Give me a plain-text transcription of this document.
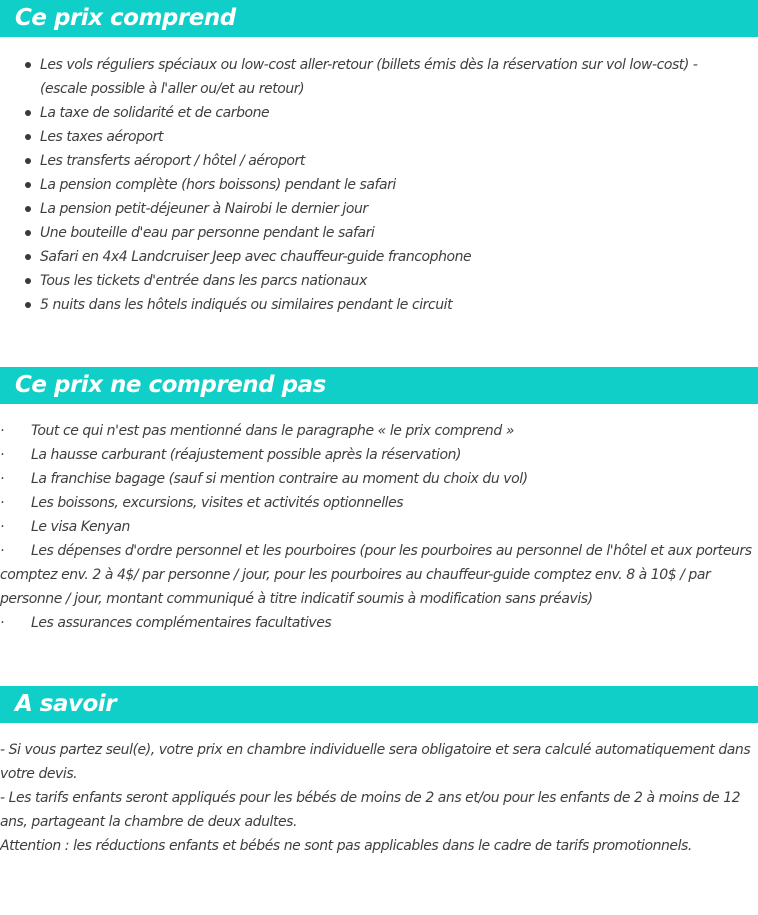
Ce prix comprend
Les vols réguliers spéciaux ou low-cost aller-retour (billets émis dès la réservation sur vol low-cost) - (escale possible à l'aller ou/et au retour)
La taxe de solidarité et de carbone
Les taxes aéroport
Les transferts aéroport / hôtel / aéroport
La pension complète (hors boissons) pendant le safari
La pension petit-déjeuner à Nairobi le dernier jour
Une bouteille d'eau par personne pendant le safari
Safari en 4x4 Landcruiser Jeep avec chauffeur-guide francophone
Tous les tickets d'entrée dans les parcs nationaux
5 nuits dans les hôtels indiqués ou similaires pendant le circuit
Ce prix ne comprend pas

· Tout ce qui n'est pas mentionné dans le paragraphe « le prix comprend »

· La hausse carburant (réajustement possible après la réservation)

· La franchise bagage (sauf si mention contraire au moment du choix du vol)

· Les boissons, excursions, visites et activités optionnelles

· Le visa Kenyan

· Les dépenses d'ordre personnel et les pourboires (pour les pourboires au personnel de l'hôtel et aux porteurs comptez env. 2 à 4$/ par personne / jour, pour les pourboires au chauffeur-guide comptez env. 8 à 10$ / par personne / jour, montant communiqué à titre indicatif soumis à modification sans préavis)

· Les assurances complémentaires facultatives

A savoir

- Si vous partez seul(e), votre prix en chambre individuelle sera obligatoire et sera calculé automatiquement dans votre devis.

- Les tarifs enfants seront appliqués pour les bébés de moins de 2 ans et/ou pour les enfants de 2 à moins de 12 ans, partageant la chambre de deux adultes.

Attention : les réductions enfants et bébés ne sont pas applicables dans le cadre de tarifs promotionnels.
